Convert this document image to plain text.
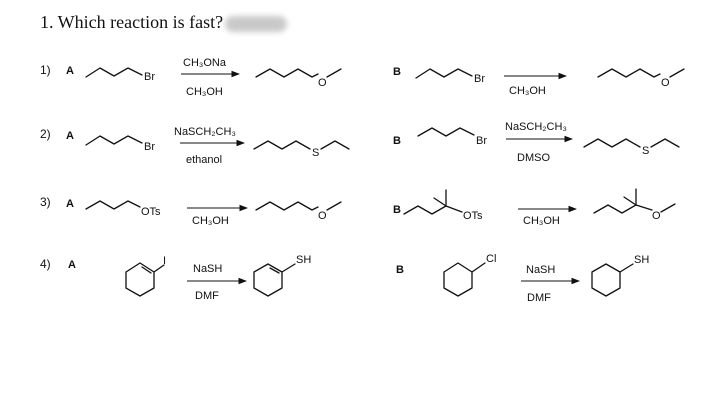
1. Which reaction is fast?
1) A	Br
CH₃ONa
CH₃OH
O
B
Br
CH₃OH
O
2) A
Br
NaSCH₂CH₃
ethanol
S
B	Br
NaSCH₂CH₃
DMSO
S
3) A
OTs
CH₃OH	O	B	OTs	CH₃OH	O
4) A	I
NaSH
DMF
SH
B
Cl
NaSH
DMF
SH
